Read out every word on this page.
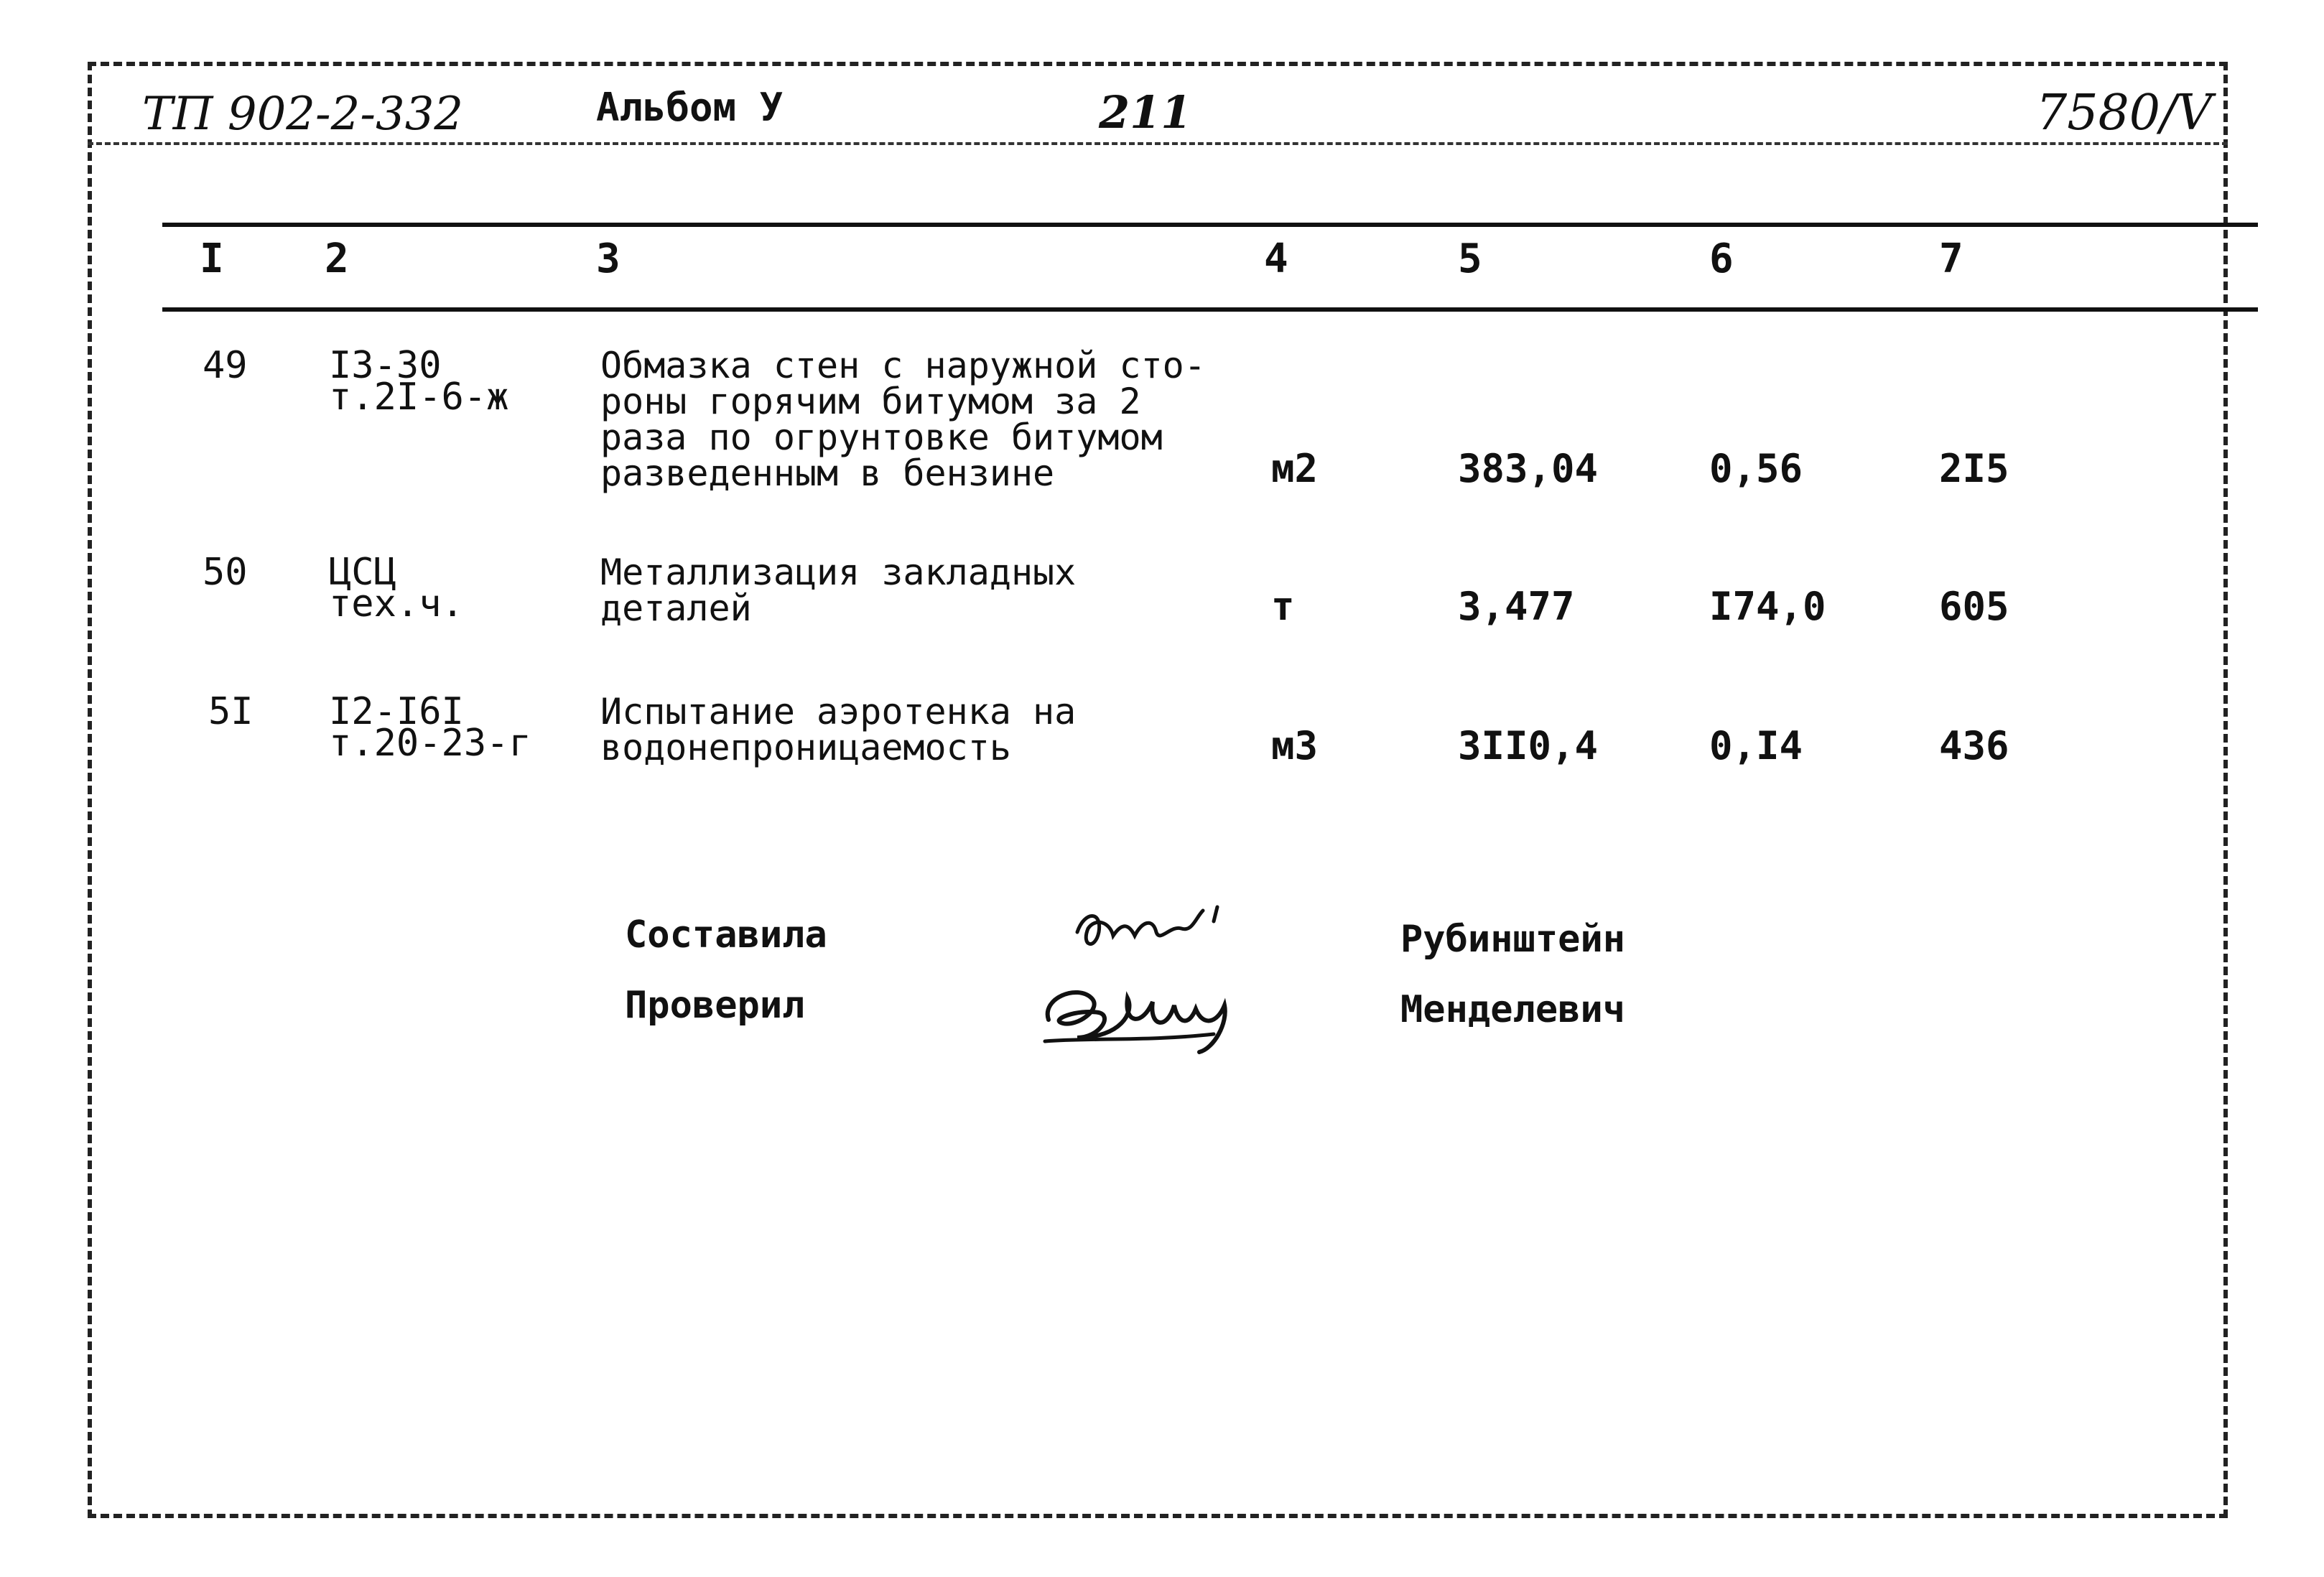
ТП 902-2-332	Альбом У	211	7580/V
I	2	3	4	5	6	7
49 I3-30
т.2I-6-ж
Обмазка стен с наружной сто-
роны горячим битумом за 2
раза по огрунтовке битумом
разведенным в бензине	м2	383,04	0,56	2I5
50 ЦСЦ
тех.ч.
Металлизация закладных
деталей	т	3,477	I74,0	605
5I I2-I6I
т.20-23-г
Испытание аэротенка на
водонепроницаемость	м3	3II0,4	0,I4	436
Составила	Рубинштейн
Проверил	Менделевич
